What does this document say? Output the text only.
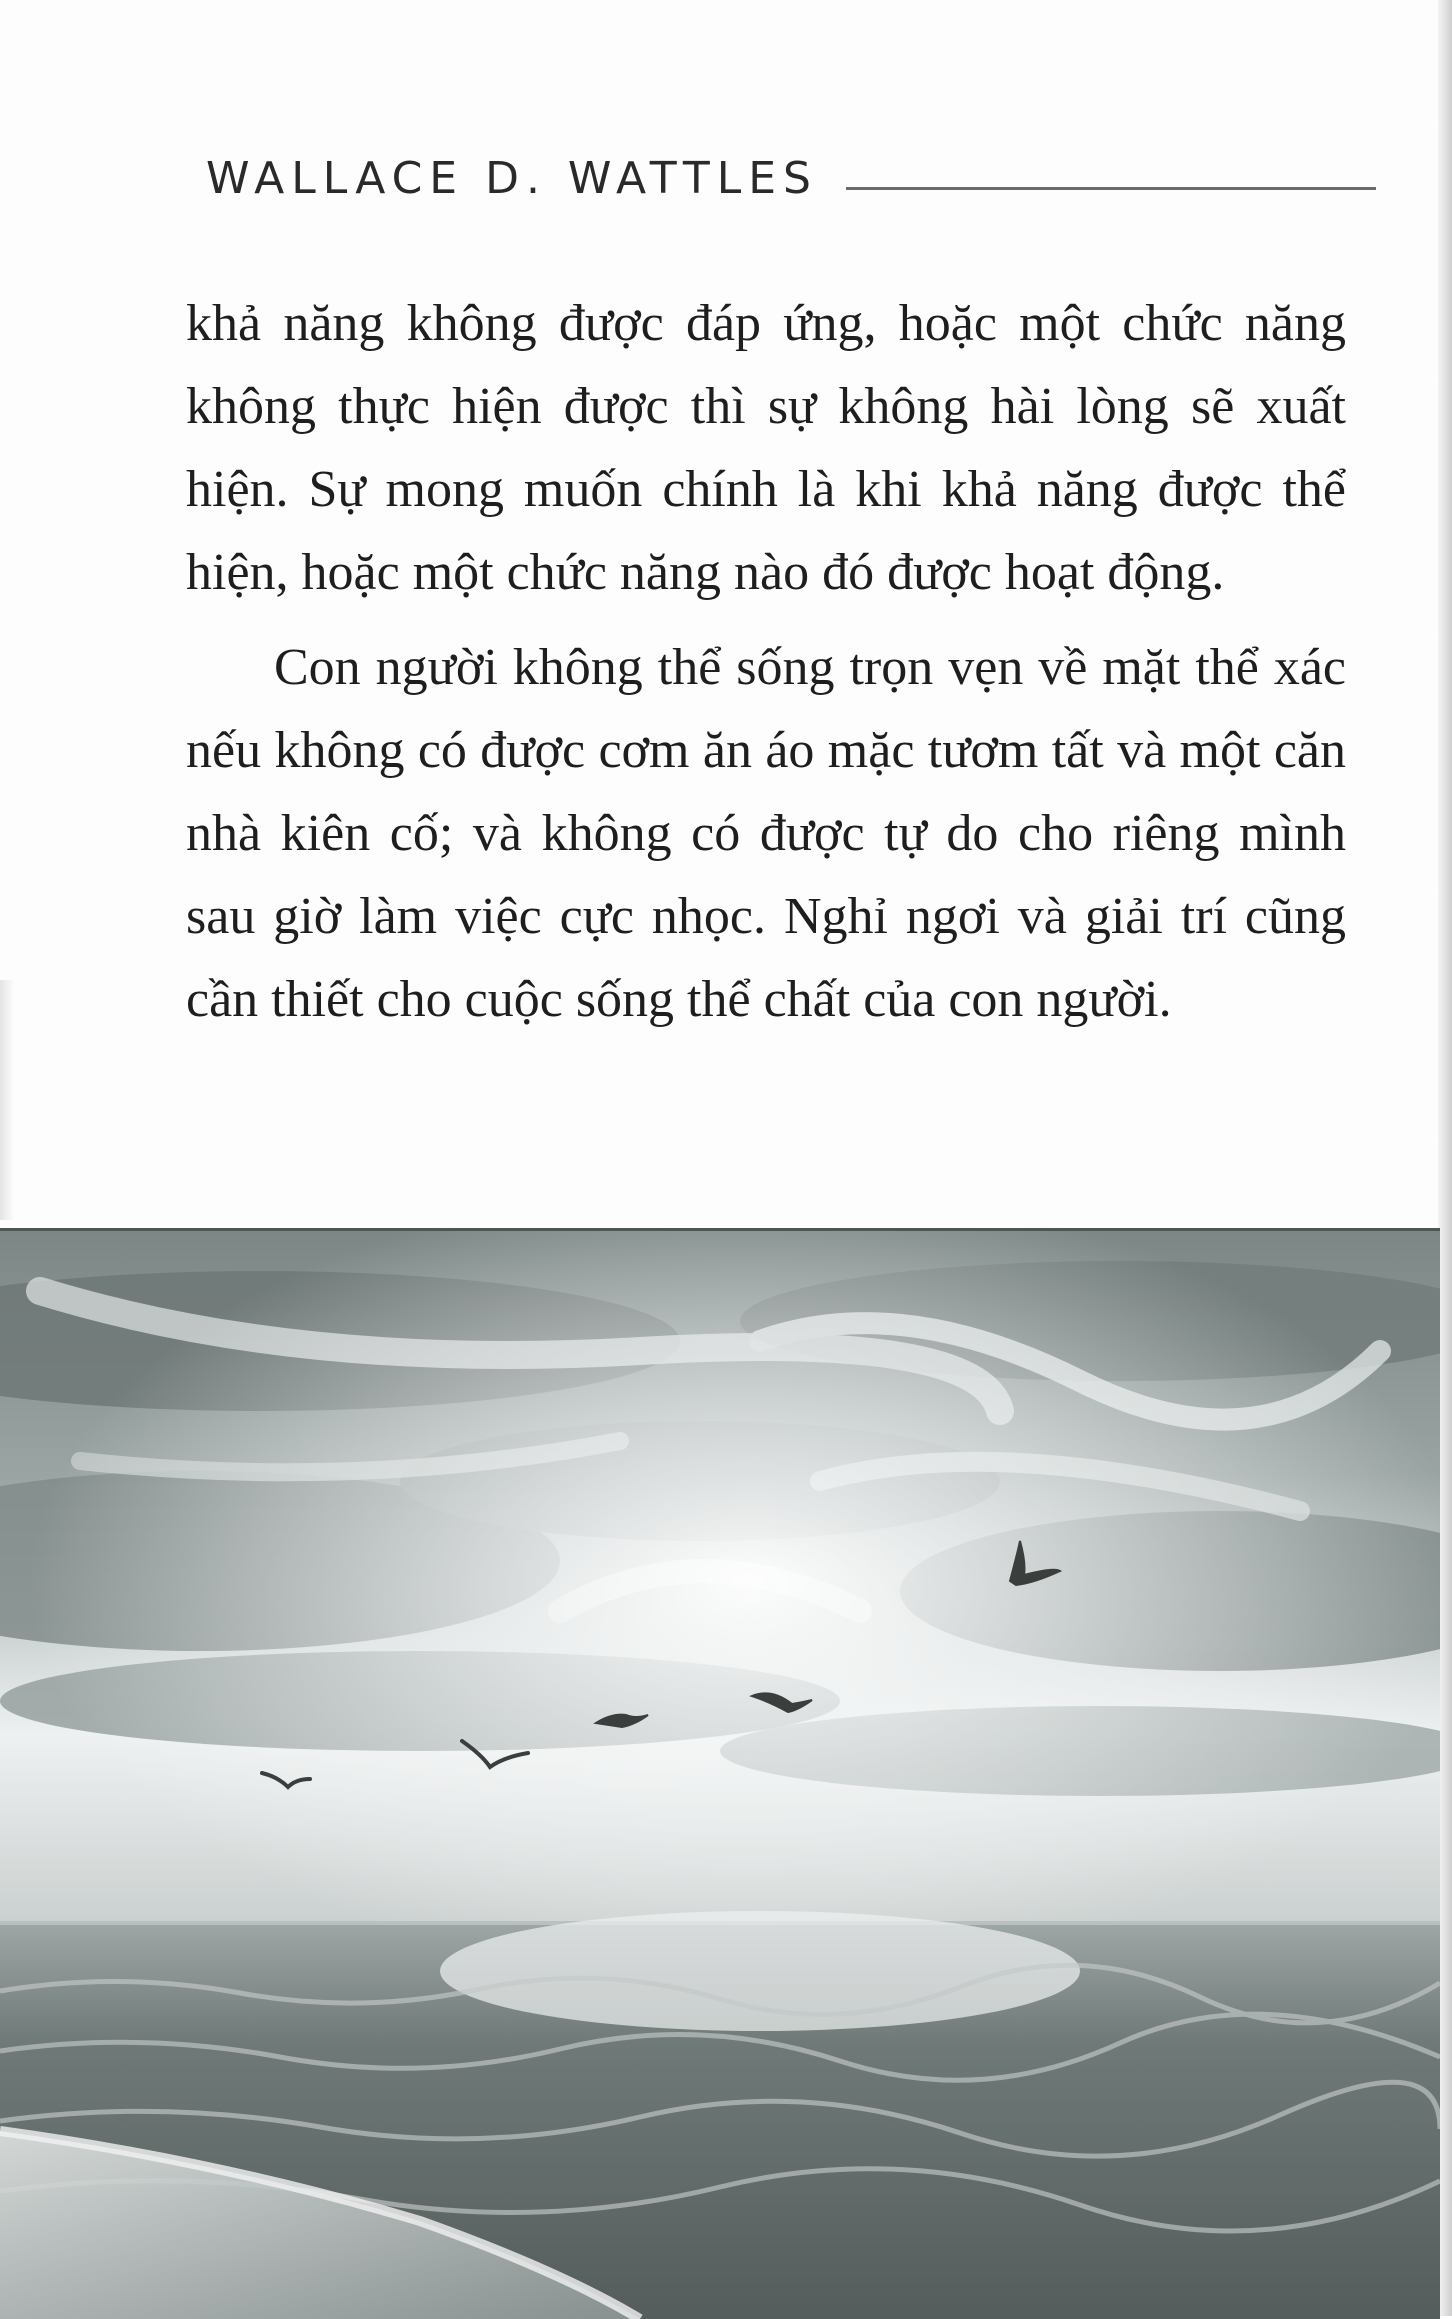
WALLACE D. WATTLES

khả năng không được đáp ứng, hoặc một chức năng không thực hiện được thì sự không hài lòng sẽ xuất hiện. Sự mong muốn chính là khi khả năng được thể hiện, hoặc một chức năng nào đó được hoạt động.

Con người không thể sống trọn vẹn về mặt thể xác nếu không có được cơm ăn áo mặc tươm tất và một căn nhà kiên cố; và không có được tự do cho riêng mình sau giờ làm việc cực nhọc. Nghỉ ngơi và giải trí cũng cần thiết cho cuộc sống thể chất của con người.
